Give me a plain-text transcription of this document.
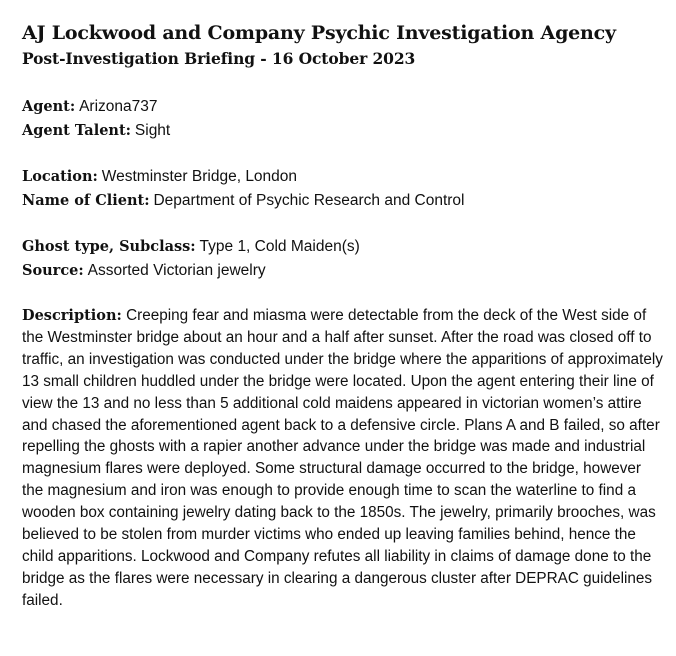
AJ Lockwood and Company Psychic Investigation Agency
Post-Investigation Briefing - 16 October 2023

Agent: Arizona737

Agent Talent: Sight

Location: Westminster Bridge, London

Name of Client: Department of Psychic Research and Control

Ghost type, Subclass: Type 1, Cold Maiden(s)

Source: Assorted Victorian jewelry

Description: Creeping fear and miasma were detectable from the deck of the West side of the Westminster bridge about an hour and a half after sunset. After the road was closed off to traffic, an investigation was conducted under the bridge where the apparitions of approximately 13 small children huddled under the bridge were located. Upon the agent entering their line of view the 13 and no less than 5 additional cold maidens appeared in victorian women’s attire and chased the aforementioned agent back to a defensive circle. Plans A and B failed, so after repelling the ghosts with a rapier another advance under the bridge was made and industrial magnesium flares were deployed. Some structural damage occurred to the bridge, however the magnesium and iron was enough to provide enough time to scan the waterline to find a wooden box containing jewelry dating back to the 1850s. The jewelry, primarily brooches, was believed to be stolen from murder victims who ended up leaving families behind, hence the child apparitions. Lockwood and Company refutes all liability in claims of damage done to the bridge as the flares were necessary in clearing a dangerous cluster after DEPRAC guidelines failed.
